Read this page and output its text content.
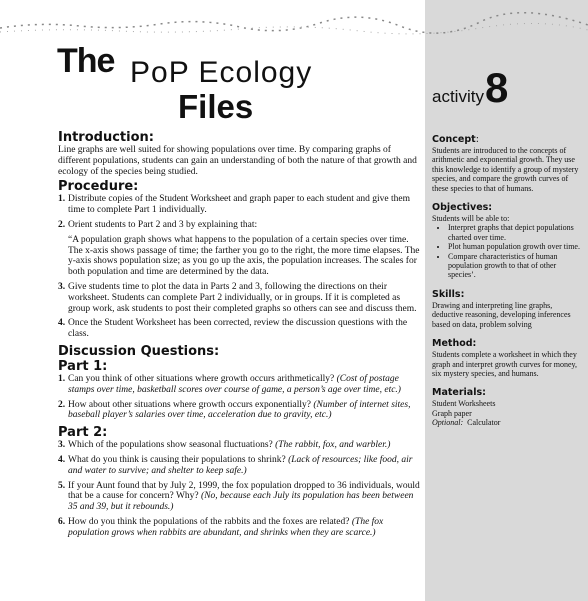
The PoP Ecology
Files	activity 8
Introduction:

Line graphs are well suited for showing populations over time. By comparing graphs of different populations, students can gain an understanding of both the nature of that growth and ecology of the species being studied.

Procedure:
1. Distribute copies of the Student Worksheet and graph paper to each student and give them time to complete Part 1 individually.
2. Orient students to Part 2 and 3 by explaining that:
“A population graph shows what happens to the population of a certain species over time. The x-axis shows passage of time; the farther you go to the right, the more time elapses. The y-axis shows population size; as you go up the axis, the population increases. The scales for both population and time are determined by the data.
3. Give students time to plot the data in Parts 2 and 3, following the directions on their worksheet. Students can complete Part 2 individually, or in groups. If it is completed as group work, ask students to post their completed graphs so others can see and discuss them.
4. Once the Student Worksheet has been corrected, review the discussion questions with the class.
Discussion Questions:
Part 1:
1. Can you think of other situations where growth occurs arithmetically? (Cost of postage stamps over time, basketball scores over course of game, a person’s age over time, etc.)
2. How about other situations where growth occurs exponentially? (Number of internet sites, baseball player’s salaries over time, acceleration due to gravity, etc.)
Part 2:
3. Which of the populations show seasonal fluctuations? (The rabbit, fox, and warbler.)
4. What do you think is causing their populations to shrink? (Lack of resources; like food, air and water to survive; and shelter to keep safe.)
5. If your Aunt found that by July 2, 1999, the fox population dropped to 36 individuals, would that be a cause for concern? Why? (No, because each July its population has been between 35 and 39, but it rebounds.)
6. How do you think the populations of the rabbits and the foxes are related? (The fox population grows when rabbits are abundant, and shrinks when they are scarce.)
Concept:

Students are introduced to the concepts of arithmetic and exponential growth. They use this knowledge to identify a group of mystery species, and compare the growth curves of these species to that of humans.

Objectives:

Students will be able to:

• Interpret graphs that depict populations charted over time.
• Plot human population growth over time.
• Compare characteristics of human population growth to that of other species’.
Skills:

Drawing and interpreting line graphs, deductive reasoning, developing inferences based on data, problem solving

Method:

Students complete a worksheet in which they graph and interpret growth curves for money, six mystery species, and humans.

Materials:

Student Worksheets

Graph paper

Optional: Calculator
